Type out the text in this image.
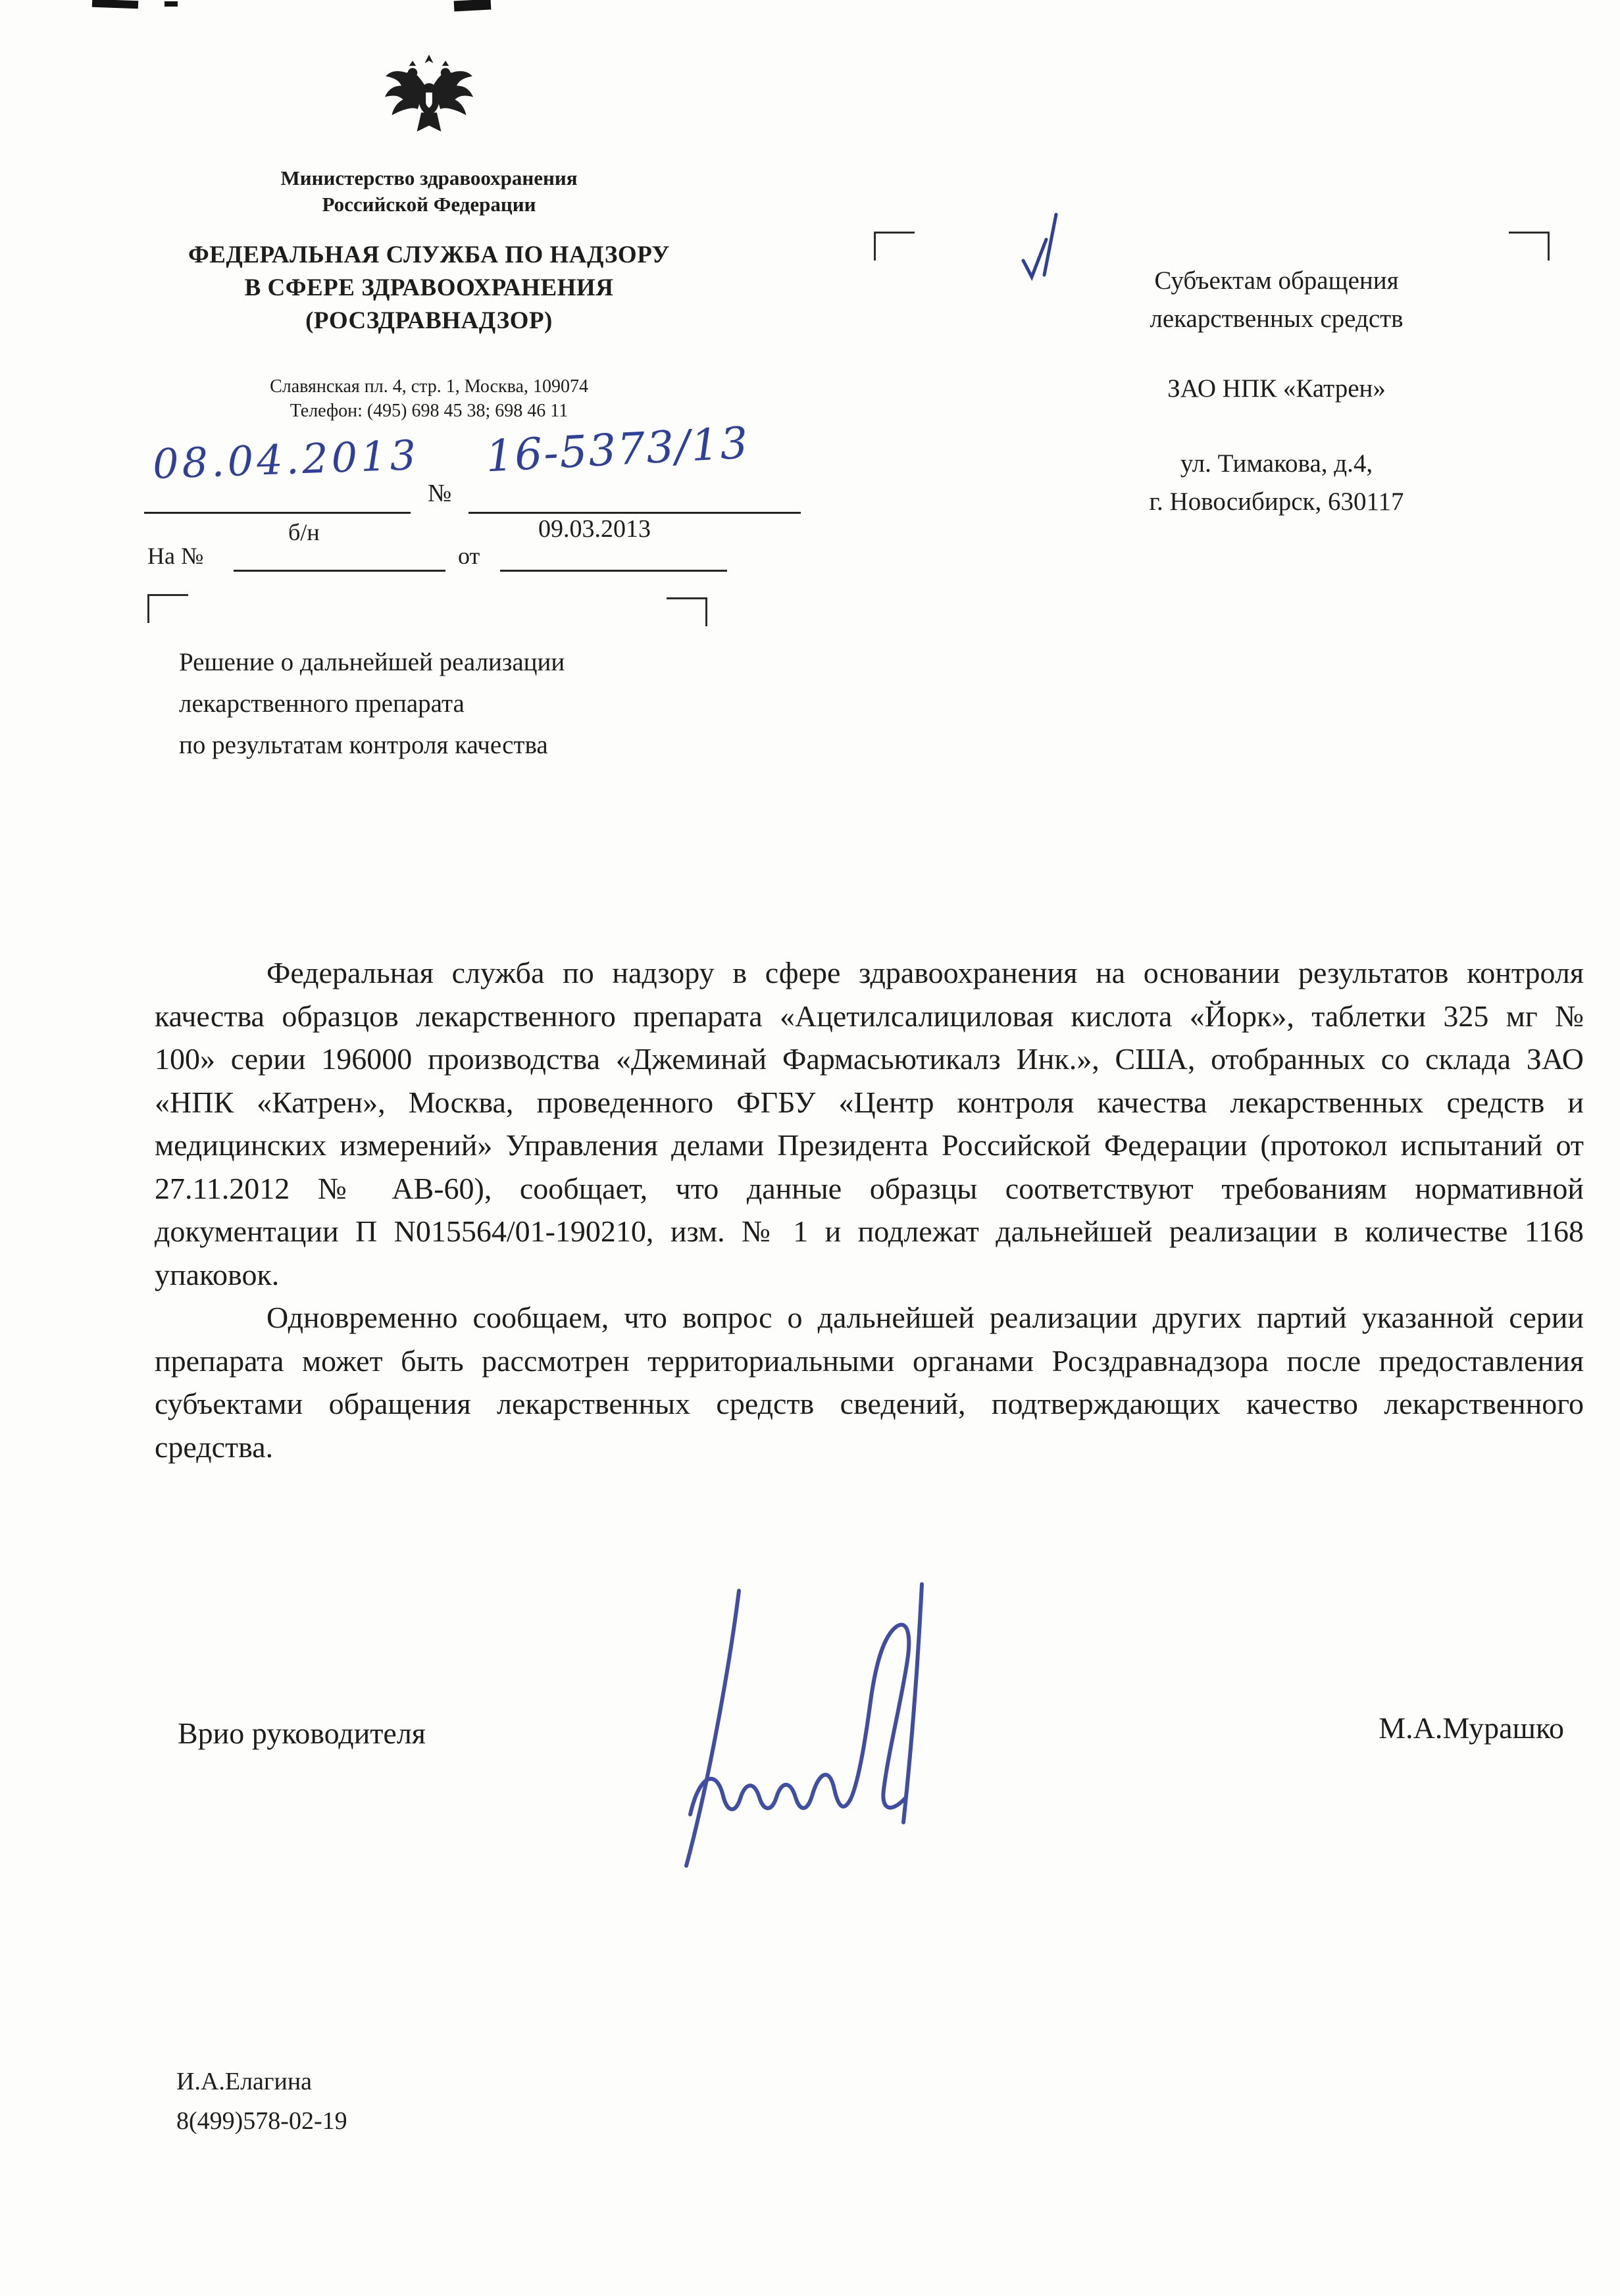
Министерство здравоохранения
Российской Федерации
ФЕДЕРАЛЬНАЯ СЛУЖБА ПО НАДЗОРУ
В СФЕРЕ ЗДРАВООХРАНЕНИЯ
(РОСЗДРАВНАДЗОР)
Славянская пл. 4, стр. 1, Москва, 109074
Телефон: (495) 698 45 38; 698 46 11
08.04.2013
№
16-5373/13
На №
б/н
от
09.03.2013
Субъектам обращения
лекарственных средств
ЗАО НПК «Катрен»
ул. Тимакова, д.4,
г. Новосибирск, 630117
Решение о дальнейшей реализации
лекарственного препарата
по результатам контроля качества

Федеральная служба по надзору в сфере здравоохранения на основании результатов контроля качества образцов лекарственного препарата «Ацетилсалициловая кислота «Йорк», таблетки 325 мг № 100» серии 196000 производства «Джеминай Фармасьютикалз Инк.», США, отобранных со склада ЗАО «НПК «Катрен», Москва, проведенного ФГБУ «Центр контроля качества лекарственных средств и медицинских измерений» Управления делами Президента Российской Федерации (протокол испытаний от 27.11.2012 № АВ-60), сообщает, что данные образцы соответствуют требованиям нормативной документации П N015564/01-190210, изм. № 1 и подлежат дальнейшей реализации в количестве 1168 упаковок.

Одновременно сообщаем, что вопрос о дальнейшей реализации других партий указанной серии препарата может быть рассмотрен территориальными органами Росздравнадзора после предоставления субъектами обращения лекарственных средств сведений, подтверждающих качество лекарственного средства.

Врио руководителя	М.А.Мурашко
И.А.Елагина
8(499)578-02-19
